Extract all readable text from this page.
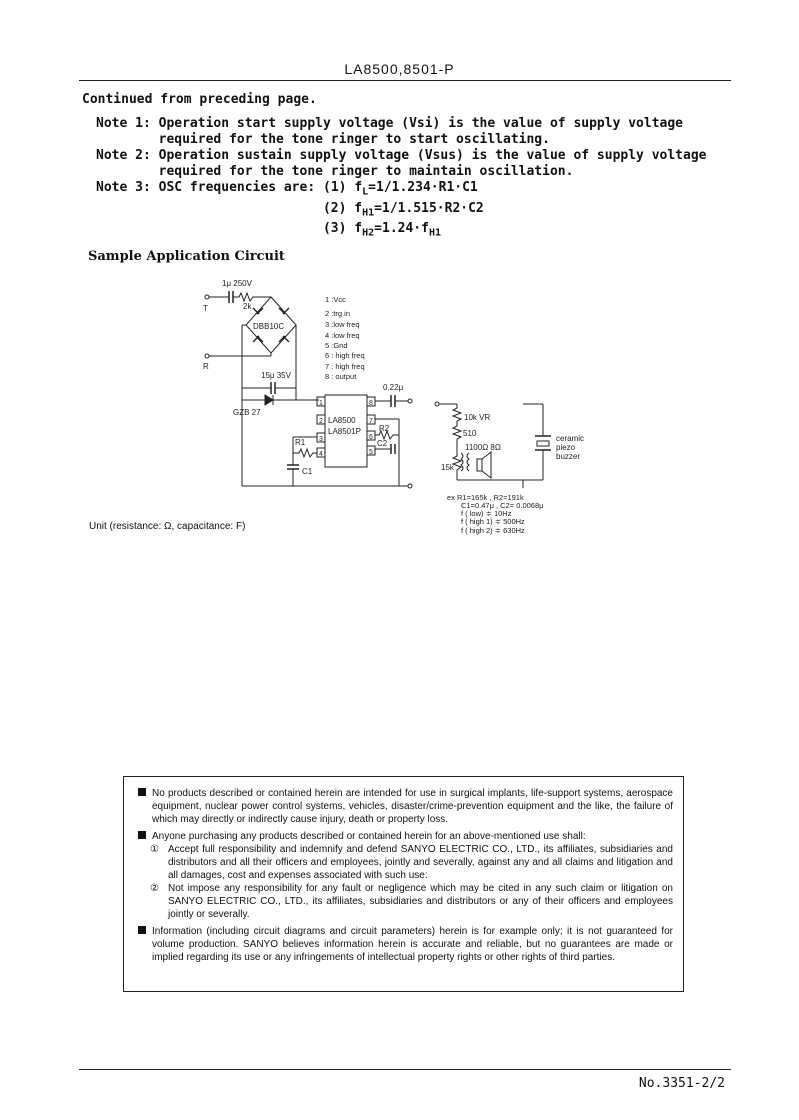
LA8500,8501-P
Continued from preceding page.
Note 1: Operation start supply voltage (Vsi) is the value of supply voltage
required for the tone ringer to start oscillating.
Note 2: Operation sustain supply voltage (Vsus) is the value of supply voltage
required for the tone ringer to maintain oscillation.
Note 3: OSC frequencies are: (1) $f_L=1/1.234\cdot R1\cdot C1$
(2) $f_{H1}=1/1.515\cdot R2\cdot C2$
(3) $f_{H2}=1.24\cdot f_{H1}$
Sample Application Circuit
T
R
1μ 250V
2k
DBB10C
15μ 35V
GZB 27
LA8500
LA8501P
1
2
3
4
8
7
6
5
R1
C1
R2
C2
0.22μ
10k VR
510
1100Ω 8Ω
15k
ceramic
piezo
buzzer
1 :Vcc
2 :trg in
3 :low freq
4 :low freq
5 :Gnd
6 : high freq
7 : high freq
8 : output
ex R1=165k , R2=191k
C1=0.47μ , C2= 0.0068μ
f ( low) ≑ 10Hz
f ( high 1) ≑ 500Hz
f ( high 2) ≑ 630Hz
Unit (resistance: Ω, capacitance: F)
No products described or contained herein are intended for use in surgical implants, life-support systems, aerospace equipment, nuclear power control systems, vehicles, disaster/crime-prevention equipment and the like, the failure of which may directly or indirectly cause injury, death or property loss.
Anyone purchasing any products described or contained herein for an above-mentioned use shall:
① Accept full responsibility and indemnify and defend SANYO ELECTRIC CO., LTD., its affiliates, subsidiaries and distributors and all their officers and employees, jointly and severally, against any and all claims and litigation and all damages, cost and expenses associated with such use:
② Not impose any responsibility for any fault or negligence which may be cited in any such claim or litigation on SANYO ELECTRIC CO., LTD., its affiliates, subsidiaries and distributors or any of their officers and employees jointly or severally.
Information (including circuit diagrams and circuit parameters) herein is for example only; it is not guaranteed for volume production. SANYO believes information herein is accurate and reliable, but no guarantees are made or implied regarding its use or any infringements of intellectual property rights or other rights of third parties.
No.3351-2/2
